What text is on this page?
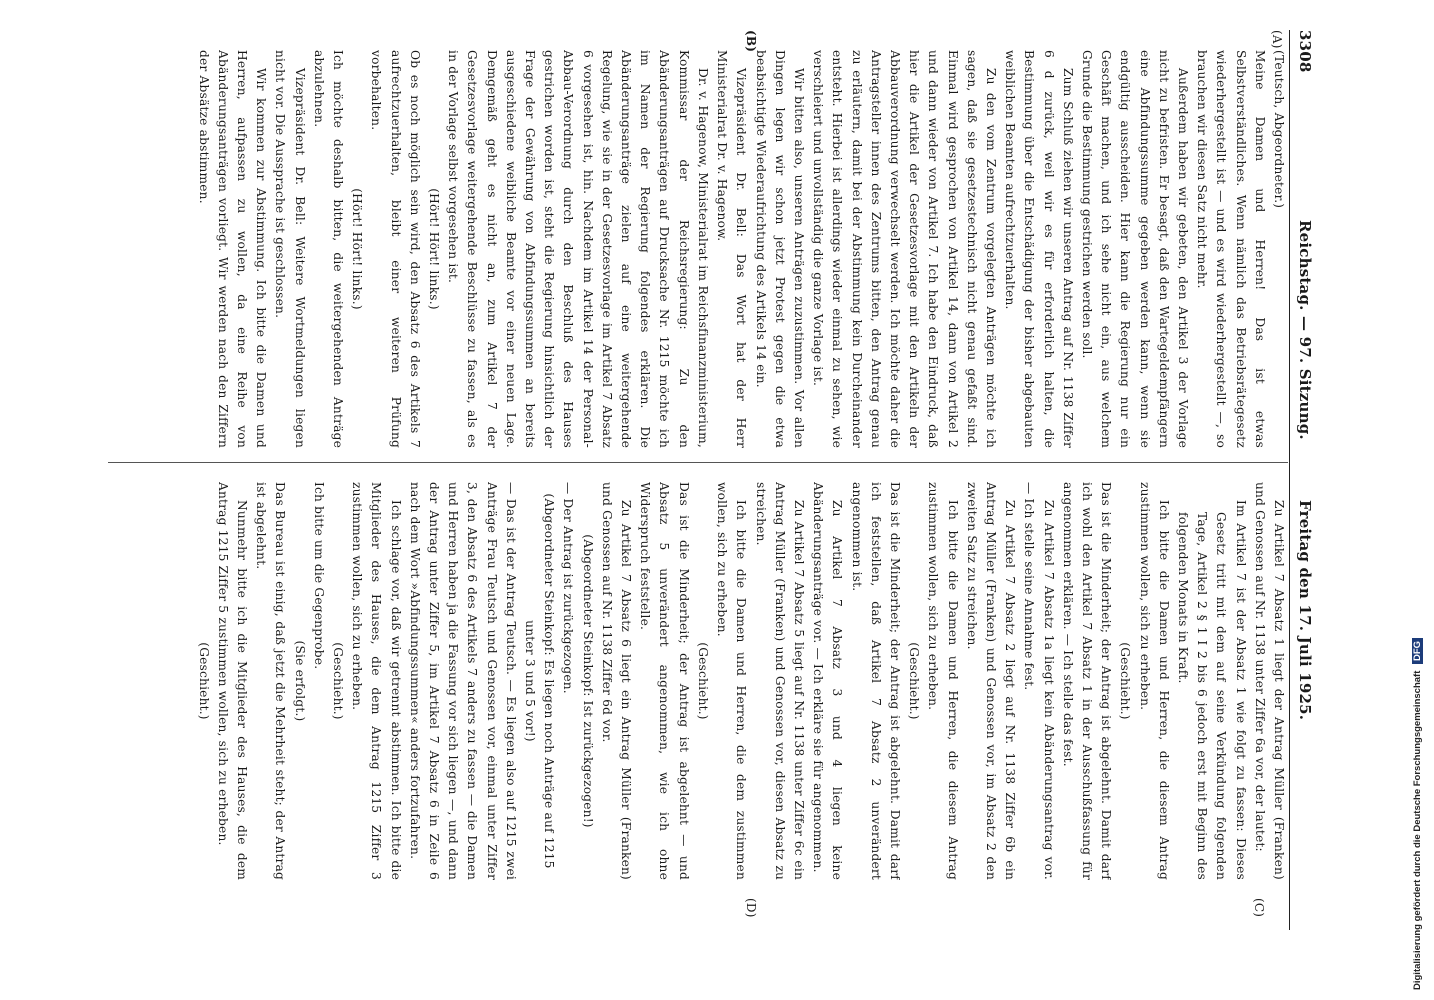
3308
Reichstag. — 97. Sitzung.
Freitag den 17. Juli 1925.
(A)
(B)
(C)
(D)

(Teutsch, Abgeordneter.)

Meine Damen und Herren! Das ist etwas Selbstverständliches. Wenn nämlich das Betriebsrätegesetz wiederhergestellt ist — und es wird wiederhergestellt —, so brauchen wir diesen Satz nicht mehr.

Außerdem haben wir gebeten, den Artikel 3 der Vorlage nicht zu befristen. Er besagt, daß den Wartegeldempfängern eine Abfindungssumme gegeben werden kann, wenn sie endgültig ausscheiden. Hier kann die Regierung nur ein Geschäft machen, und ich sehe nicht ein, aus welchem Grunde die Bestimmung gestrichen werden soll.

Zum Schluß ziehen wir unseren Antrag auf Nr. 1138 Ziffer 6 d zurück, weil wir es für erforderlich halten, die Bestimmung über die Entschädigung der bisher abgebauten weiblichen Beamten aufrechtzuerhalten.

Zu den vom Zentrum vorgelegten Anträgen möchte ich sagen, daß sie gesetzestechnisch nicht genau gefaßt sind. Einmal wird gesprochen von Artikel 14, dann von Artikel 2 und dann wieder von Artikel 7. Ich habe den Eindruck, daß hier die Artikel der Gesetzesvorlage mit den Artikeln der Abbauverordnung verwechselt werden. Ich möchte daher die Antragsteller innen des Zentrums bitten, den Antrag genau zu erläutern, damit bei der Abstimmung kein Durcheinander entsteht. Hierbei ist allerdings wieder einmal zu sehen, wie verschleiert und unvollständig die ganze Vorlage ist.

Wir bitten also, unseren Anträgen zuzustimmen. Vor allen Dingen legen wir schon jetzt Protest gegen die etwa beabsichtigte Wiederaufrichtung des Artikels 14 ein.

Vizepräsident Dr. Bell: Das Wort hat der Herr Ministerialrat Dr. v. Hagenow.

Dr. v. Hagenow, Ministerialrat im Reichsfinanzministerium, Kommissar der Reichsregierung: Zu den Abänderungsanträgen auf Drucksache Nr. 1215 möchte ich im Namen der Regierung folgendes erklären. Die Abänderungsanträge zielen auf eine weitergehende Regelung, wie sie in der Gesetzesvorlage im Artikel 7 Absatz 6 vorgesehen ist, hin. Nachdem im Artikel 14 der Personal-Abbau-Verordnung durch den Beschluß des Hauses gestrichen worden ist, steht die Regierung hinsichtlich der Frage der Gewährung von Abfindungssummen an bereits ausgeschiedene weibliche Beamte vor einer neuen Lage. Demgemäß geht es nicht an, zum Artikel 7 der Gesetzesvorlage weitergehende Beschlüsse zu fassen, als es in der Vorlage selbst vorgesehen ist.

(Hört! Hört! links.)

Ob es noch möglich sein wird, den Absatz 6 des Artikels 7 aufrechtzuerhalten, bleibt einer weiteren Prüfung vorbehalten.

(Hört! Hört! links.)

Ich möchte deshalb bitten, die weitergehenden Anträge abzulehnen.

Vizepräsident Dr. Bell: Weitere Wortmeldungen liegen nicht vor. Die Aussprache ist geschlossen.

Wir kommen zur Abstimmung. Ich bitte die Damen und Herren, aufpassen zu wollen, da eine Reihe von Abänderungsanträgen vorliegt. Wir werden nach den Ziffern der Absätze abstimmen.

Zu Artikel 7 Absatz 1 liegt der Antrag Müller (Franken) und Genossen auf Nr. 1138 unter Ziffer 6a vor, der lautet:

Im Artikel 7 ist der Absatz 1 wie folgt zu fassen: Dieses Gesetz tritt mit dem auf seine Verkündung folgenden Tage, Artikel 2 § 1 I 2 bis 6 jedoch erst mit Beginn des folgenden Monats in Kraft.

Ich bitte die Damen und Herren, die diesem Antrag zustimmen wollen, sich zu erheben.

(Geschieht.)

Das ist die Minderheit; der Antrag ist abgelehnt. Damit darf ich wohl den Artikel 7 Absatz 1 in der Ausschußfassung für angenommen erklären. — Ich stelle das fest.

Zu Artikel 7 Absatz 1a liegt kein Abänderungsantrag vor. — Ich stelle seine Annahme fest.

Zu Artikel 7 Absatz 2 liegt auf Nr. 1138 Ziffer 6b ein Antrag Müller (Franken) und Genossen vor, im Absatz 2 den zweiten Satz zu streichen.

Ich bitte die Damen und Herren, die diesem Antrag zustimmen wollen, sich zu erheben.

(Geschieht.)

Das ist die Minderheit; der Antrag ist abgelehnt. Damit darf ich feststellen, daß Artikel 7 Absatz 2 unverändert angenommen ist.

Zu Artikel 7 Absatz 3 und 4 liegen keine Abänderungsanträge vor. — Ich erkläre sie für angenommen.

Zu Artikel 7 Absatz 5 liegt auf Nr. 1138 unter Ziffer 6c ein Antrag Müller (Franken) und Genossen vor, diesen Absatz zu streichen.

Ich bitte die Damen und Herren, die dem zustimmen wollen, sich zu erheben.

(Geschieht.)

Das ist die Minderheit; der Antrag ist abgelehnt — und Absatz 5 unverändert angenommen, wie ich ohne Widerspruch feststelle.

Zu Artikel 7 Absatz 6 liegt ein Antrag Müller (Franken) und Genossen auf Nr. 1138 Ziffer 6d vor.

(Abgeordneter Steinkopf: Ist zurückgezogen!)

— Der Antrag ist zurückgezogen.

(Abgeordneter Steinkopf: Es liegen noch Anträge auf 1215 unter 3 und 5 vor!)

— Das ist der Antrag Teutsch. — Es liegen also auf 1215 zwei Anträge Frau Teutsch und Genossen vor, einmal unter Ziffer 3, den Absatz 6 des Artikels 7 anders zu fassen — die Damen und Herren haben ja die Fassung vor sich liegen —, und dann der Antrag unter Ziffer 5, im Artikel 7 Absatz 6 in Zeile 6 nach dem Wort »Abfindungssummen« anders fortzufahren.

Ich schlage vor, daß wir getrennt abstimmen. Ich bitte die Mitglieder des Hauses, die dem Antrag 1215 Ziffer 3 zustimmen wollen, sich zu erheben.

(Geschieht.)

Ich bitte um die Gegenprobe.

(Sie erfolgt.)

Das Bureau ist einig, daß jetzt die Mehrheit steht; der Antrag ist abgelehnt.

Nunmehr bitte ich die Mitglieder des Hauses, die dem Antrag 1215 Ziffer 5 zustimmen wollen, sich zu erheben.

(Geschieht.)	Digitalisierung gefördert durch die Deutsche Forschungsgemeinschaft DFG
